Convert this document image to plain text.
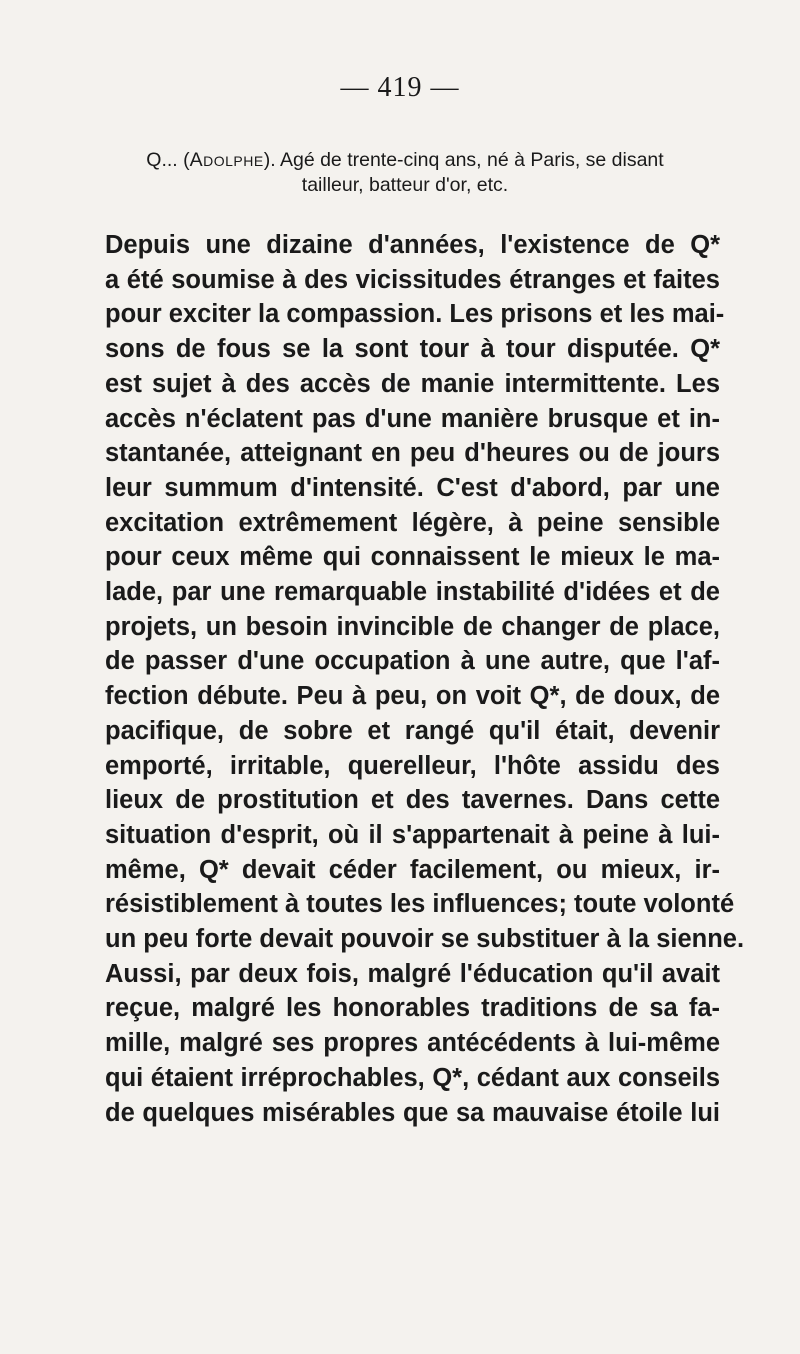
— 419 —
Q... (Adolphe). Agé de trente-cinq ans, né à Paris, se disant
tailleur, batteur d'or, etc.
Depuis une dizaine d'années, l'existence de Q*
a été soumise à des vicissitudes étranges et faites
pour exciter la compassion. Les prisons et les mai-
sons de fous se la sont tour à tour disputée. Q*
est sujet à des accès de manie intermittente. Les
accès n'éclatent pas d'une manière brusque et in-
stantanée, atteignant en peu d'heures ou de jours
leur summum d'intensité. C'est d'abord, par une
excitation extrêmement légère, à peine sensible
pour ceux même qui connaissent le mieux le ma-
lade, par une remarquable instabilité d'idées et de
projets, un besoin invincible de changer de place,
de passer d'une occupation à une autre, que l'af-
fection débute. Peu à peu, on voit Q*, de doux, de
pacifique, de sobre et rangé qu'il était, devenir
emporté, irritable, querelleur, l'hôte assidu des
lieux de prostitution et des tavernes. Dans cette
situation d'esprit, où il s'appartenait à peine à lui-
même, Q* devait céder facilement, ou mieux, ir-
résistiblement à toutes les influences; toute volonté
un peu forte devait pouvoir se substituer à la sienne.
Aussi, par deux fois, malgré l'éducation qu'il avait
reçue, malgré les honorables traditions de sa fa-
mille, malgré ses propres antécédents à lui-même
qui étaient irréprochables, Q*, cédant aux conseils
de quelques misérables que sa mauvaise étoile lui
